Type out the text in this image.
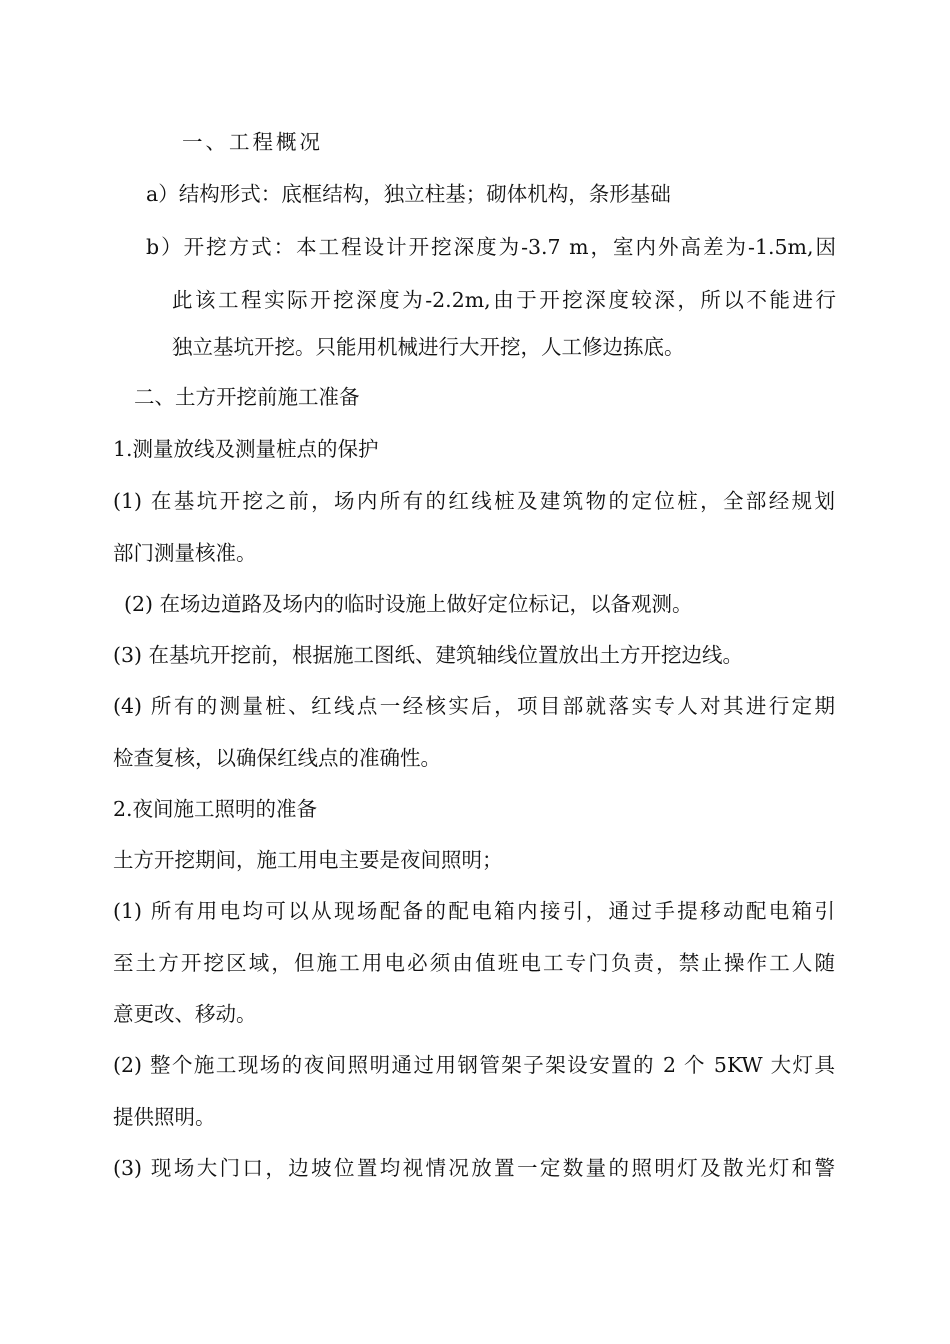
一、工程概况
a）结构形式：底框结构，独立柱基；砌体机构，条形基础
b）开挖方式：本工程设计开挖深度为-3.7 m，室内外高差为-1.5m,因
此该工程实际开挖深度为-2.2m,由于开挖深度较深，所以不能进行
独立基坑开挖。只能用机械进行大开挖，人工修边拣底。
二、土方开挖前施工准备
1.测量放线及测量桩点的保护
(1) 在基坑开挖之前，场内所有的红线桩及建筑物的定位桩，全部经规划
部门测量核准。
(2) 在场边道路及场内的临时设施上做好定位标记，以备观测。
(3) 在基坑开挖前，根据施工图纸、建筑轴线位置放出土方开挖边线。
(4) 所有的测量桩、红线点一经核实后，项目部就落实专人对其进行定期
检查复核，以确保红线点的准确性。
2.夜间施工照明的准备
土方开挖期间，施工用电主要是夜间照明；
(1) 所有用电均可以从现场配备的配电箱内接引，通过手提移动配电箱引
至土方开挖区域，但施工用电必须由值班电工专门负责，禁止操作工人随
意更改、移动。
(2) 整个施工现场的夜间照明通过用钢管架子架设安置的 2 个 5KW 大灯具
提供照明。
(3) 现场大门口，边坡位置均视情况放置一定数量的照明灯及散光灯和警
